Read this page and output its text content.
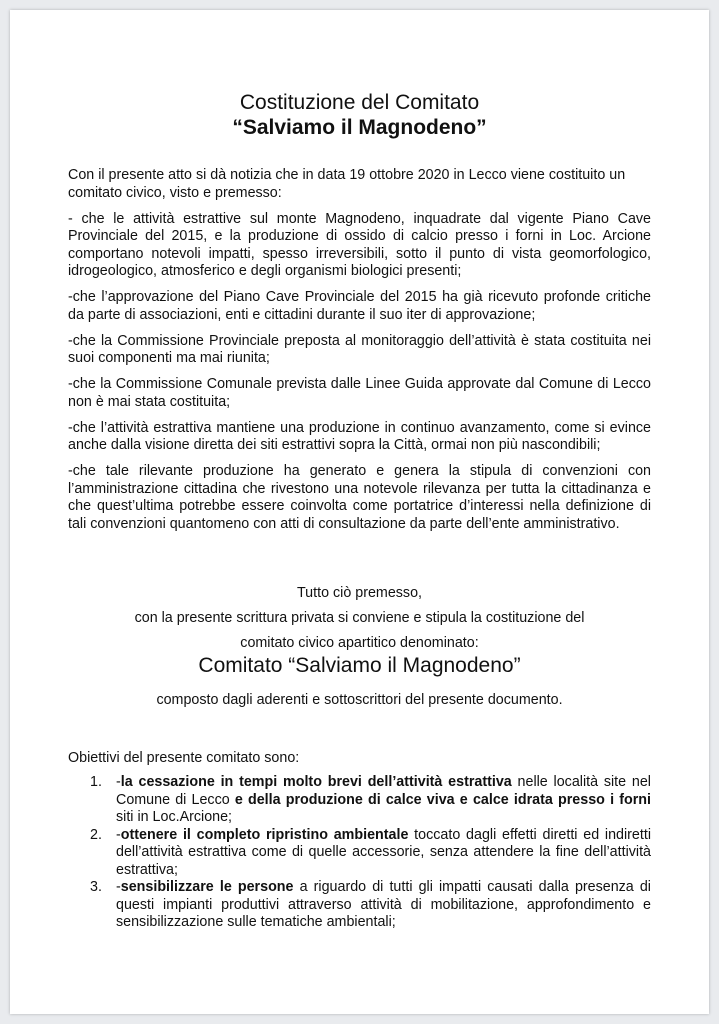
Costituzione del Comitato
“Salviamo il Magnodeno”

Con il presente atto si dà notizia che in data 19 ottobre 2020 in Lecco viene costituito un comitato civico, visto e premesso:

- che le attività estrattive sul monte Magnodeno, inquadrate dal vigente Piano Cave Provinciale del 2015, e la produzione di ossido di calcio presso i forni in Loc. Arcione comportano notevoli impatti, spesso irreversibili, sotto il punto di vista geomorfologico, idrogeologico, atmosferico e degli organismi biologici presenti;

-che l’approvazione del Piano Cave Provinciale del 2015 ha già ricevuto profonde critiche da parte di associazioni, enti e cittadini durante il suo iter di approvazione;

-che la Commissione Provinciale preposta al monitoraggio dell’attività è stata costituita nei suoi componenti ma mai riunita;

-che la Commissione Comunale prevista dalle Linee Guida approvate dal Comune di Lecco non è mai stata costituita;

-che l’attività estrattiva mantiene una produzione in continuo avanzamento, come si evince anche dalla visione diretta dei siti estrattivi sopra la Città, ormai non più nascondibili;

-che tale rilevante produzione ha generato e genera la stipula di convenzioni con l’amministrazione cittadina che rivestono una notevole rilevanza per tutta la cittadinanza e che quest’ultima potrebbe essere coinvolta come portatrice d’interessi nella definizione di tali convenzioni quantomeno con atti di consultazione da parte dell’ente amministrativo.

Tutto ciò premesso,
con la presente scrittura privata si conviene e stipula la costituzione del
comitato civico apartitico denominato:
Comitato “Salviamo il Magnodeno”
composto dagli aderenti e sottoscrittori del presente documento.
Obiettivi del presente comitato sono:
1. -la cessazione in tempi molto brevi dell’attività estrattiva nelle località site nel Comune di Lecco e della produzione di calce viva e calce idrata presso i forni siti in Loc.Arcione;
2. -ottenere il completo ripristino ambientale toccato dagli effetti diretti ed indiretti dell’attività estrattiva come di quelle accessorie, senza attendere la fine dell’attività estrattiva;
3. -sensibilizzare le persone a riguardo di tutti gli impatti causati dalla presenza di questi impianti produttivi attraverso attività di mobilitazione, approfondimento e sensibilizzazione sulle tematiche ambientali;
